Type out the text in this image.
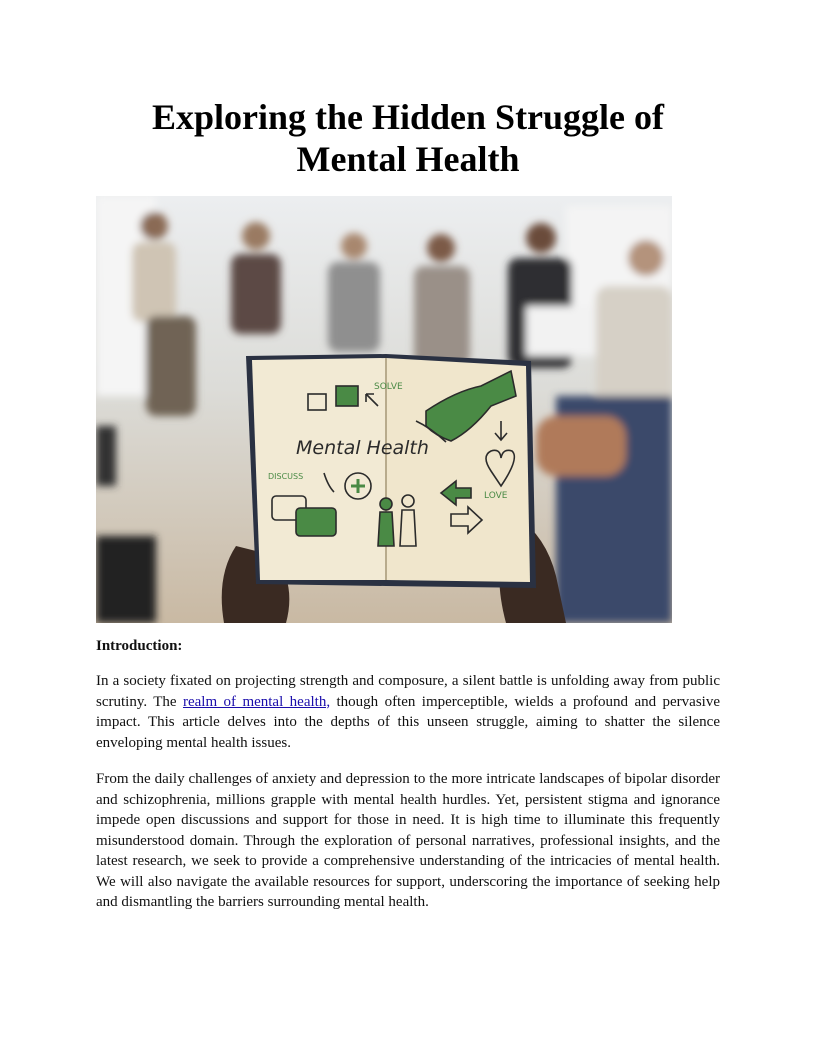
Exploring the Hidden Struggle of Mental Health
Mental Health
SOLVE
DISCUSS
LOVE
Introduction:

In a society fixated on projecting strength and composure, a silent battle is unfolding away from public scrutiny. The realm of mental health, though often imperceptible, wields a profound and pervasive impact. This article delves into the depths of this unseen struggle, aiming to shatter the silence enveloping mental health issues.

From the daily challenges of anxiety and depression to the more intricate landscapes of bipolar disorder and schizophrenia, millions grapple with mental health hurdles. Yet, persistent stigma and ignorance impede open discussions and support for those in need. It is high time to illuminate this frequently misunderstood domain. Through the exploration of personal narratives, professional insights, and the latest research, we seek to provide a comprehensive understanding of the intricacies of mental health. We will also navigate the available resources for support, underscoring the importance of seeking help and dismantling the barriers surrounding mental health.
